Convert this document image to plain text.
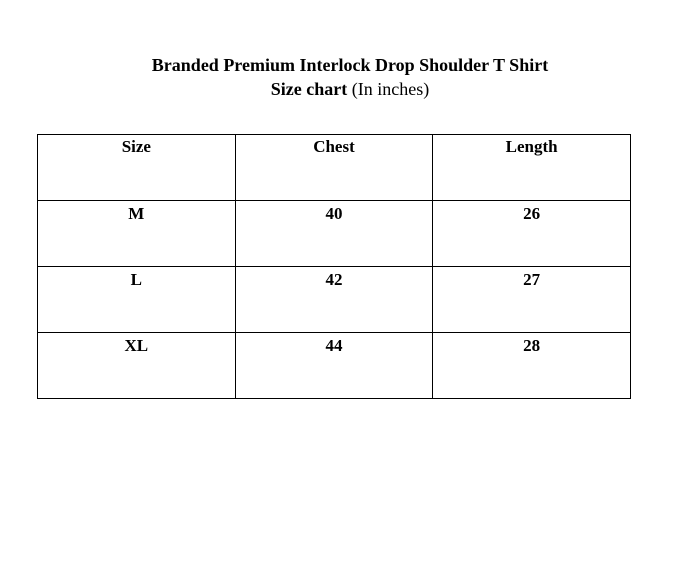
Branded Premium Interlock Drop Shoulder T Shirt

Size chart (In inches)

Size	Chest	Length
M	40	26
L	42	27
XL	44	28
